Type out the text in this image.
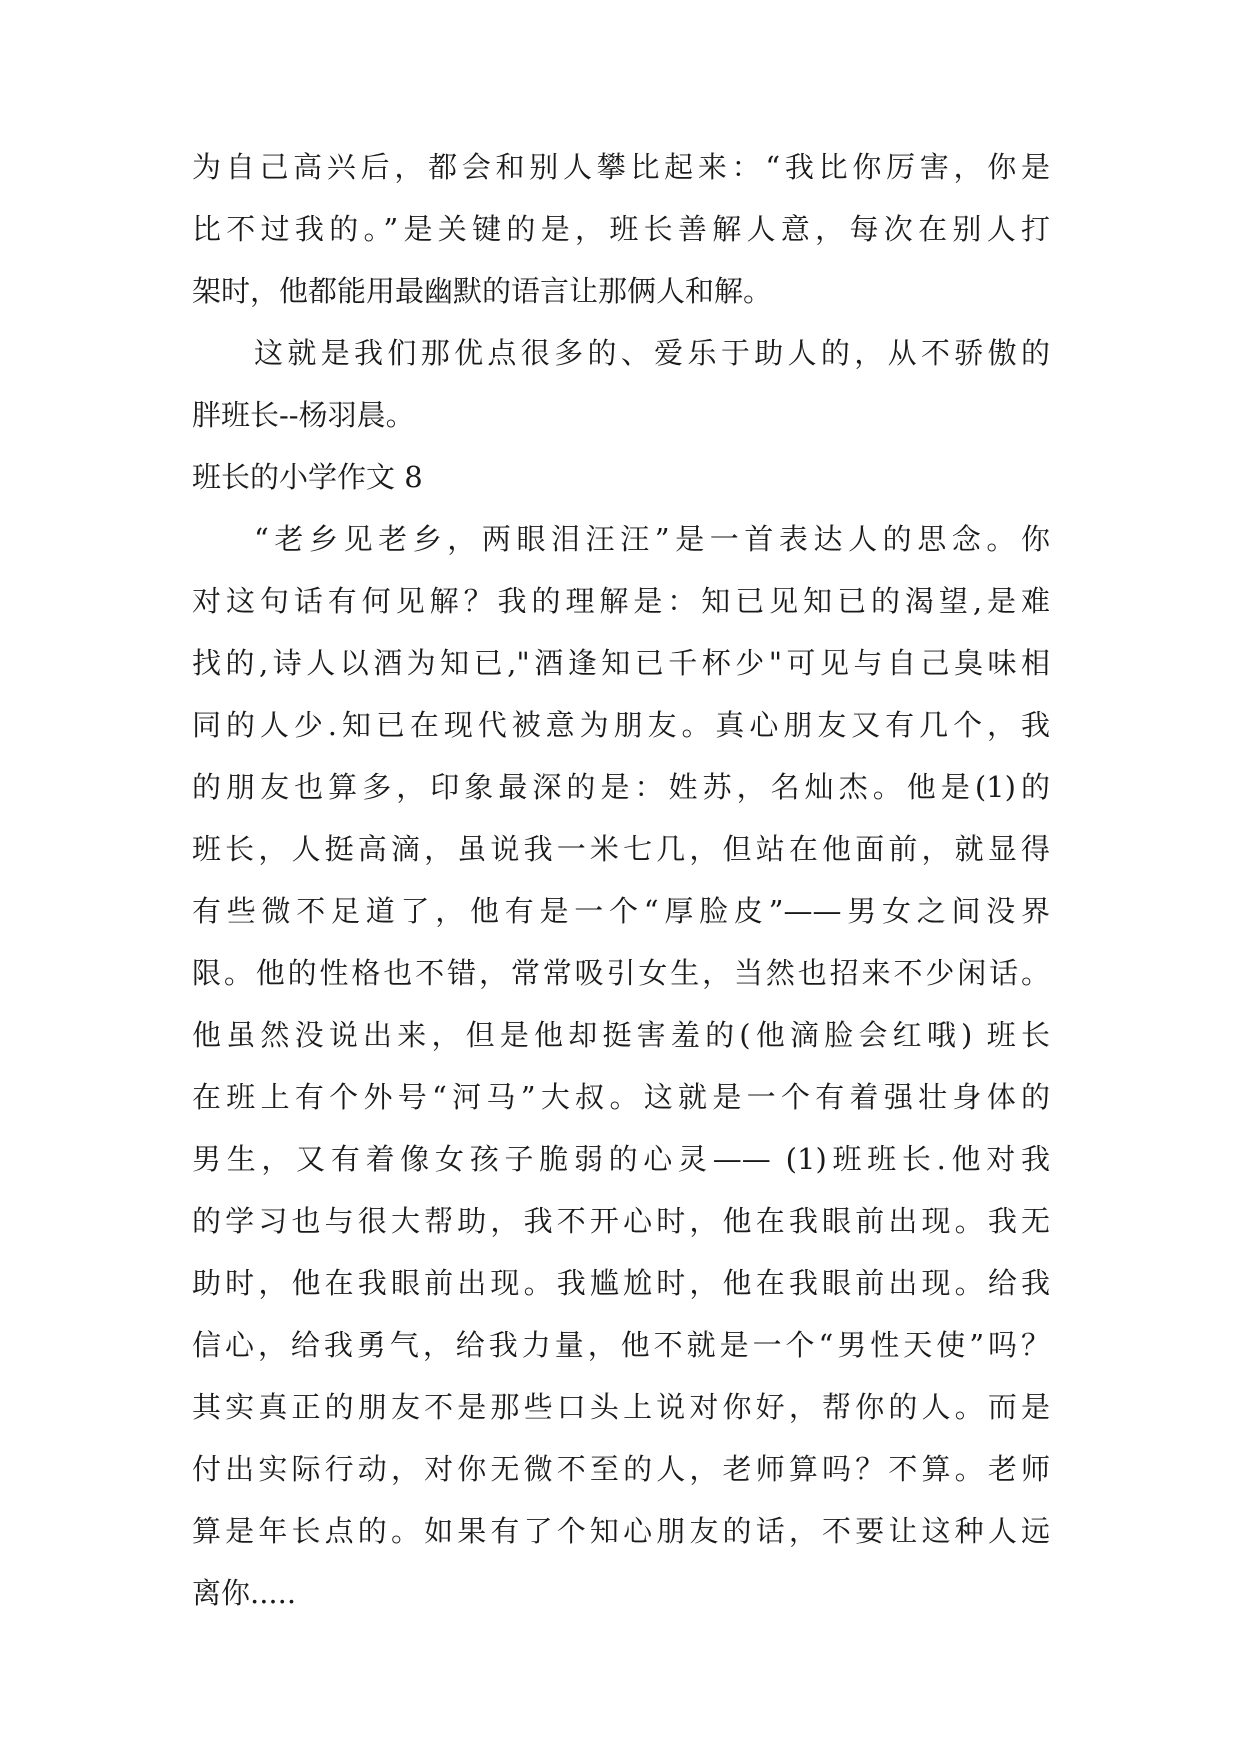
为自己高兴后，都会和别人攀比起来：“我比你厉害，你是
比不过我的。”是关键的是，班长善解人意，每次在别人打
架时，他都能用最幽默的语言让那俩人和解。
这就是我们那优点很多的、爱乐于助人的，从不骄傲的
胖班长--杨羽晨。
班长的小学作文 8
“老乡见老乡，两眼泪汪汪”是一首表达人的思念。你
对这句话有何见解？我的理解是：知已见知已的渴望,是难
找的,诗人以酒为知已,"酒逢知已千杯少"可见与自己臭味相
同的人少.知已在现代被意为朋友。真心朋友又有几个，我
的朋友也算多，印象最深的是：姓苏，名灿杰。他是(1)的
班长，人挺高滴，虽说我一米七几，但站在他面前，就显得
有些微不足道了，他有是一个“厚脸皮”——男女之间没界
限。他的性格也不错，常常吸引女生，当然也招来不少闲话。
他虽然没说出来，但是他却挺害羞的(他滴脸会红哦) 班长
在班上有个外号“河马”大叔。这就是一个有着强壮身体的
男生，又有着像女孩子脆弱的心灵—— (1)班班长.他对我
的学习也与很大帮助，我不开心时，他在我眼前出现。我无
助时，他在我眼前出现。我尴尬时，他在我眼前出现。给我
信心，给我勇气，给我力量，他不就是一个“男性天使”吗？
其实真正的朋友不是那些口头上说对你好，帮你的人。而是
付出实际行动，对你无微不至的人，老师算吗？不算。老师
算是年长点的。如果有了个知心朋友的话，不要让这种人远
离你.....
